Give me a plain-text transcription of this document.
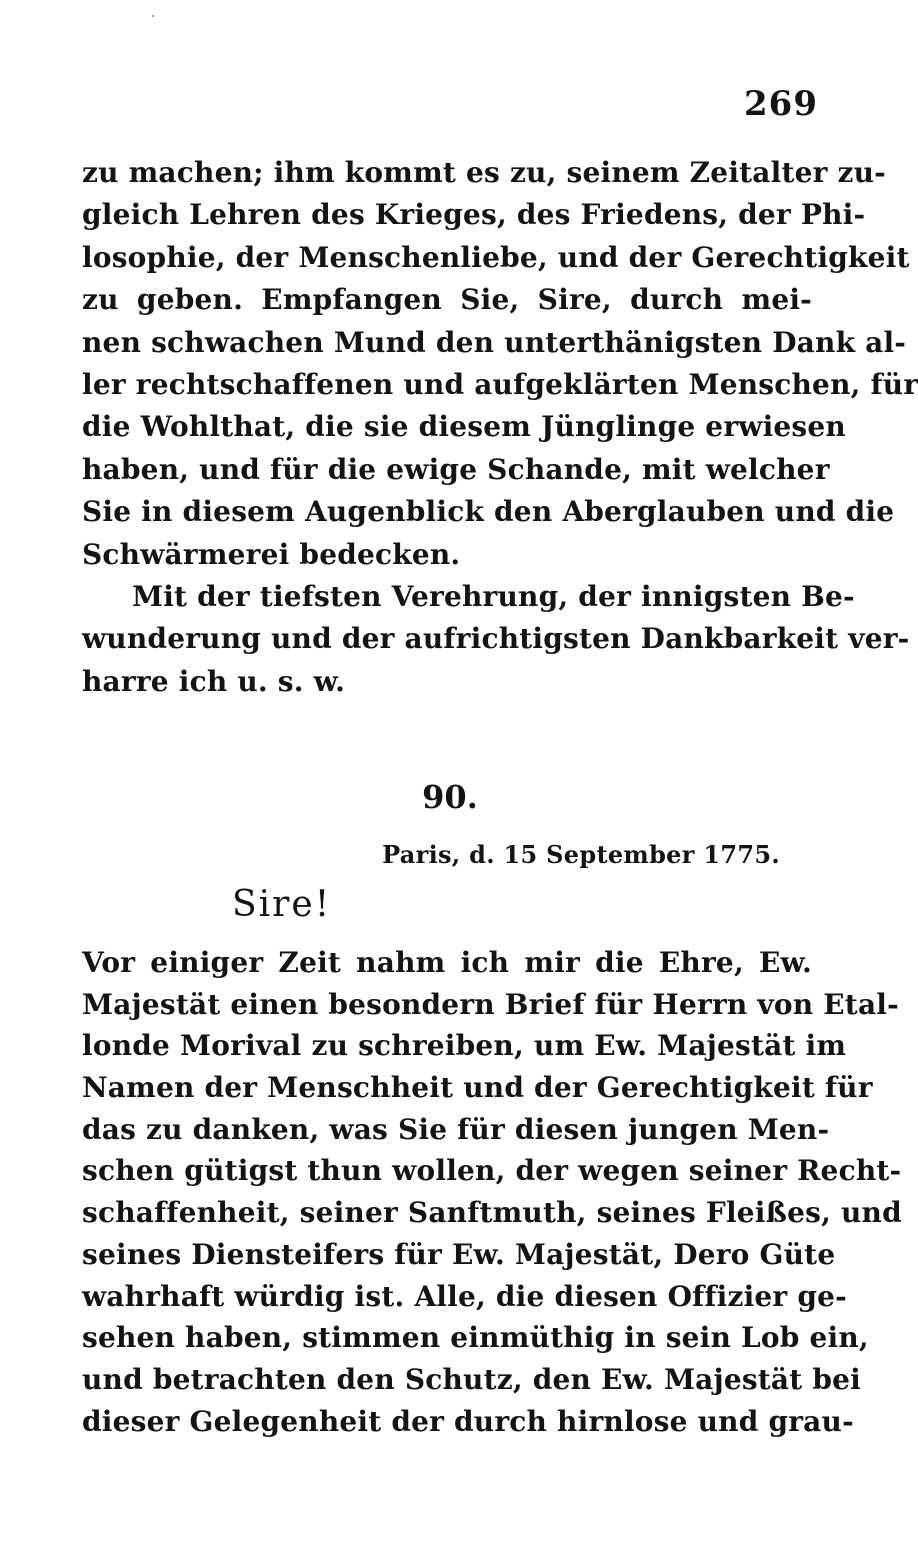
269
zu machen; ihm kommt es zu, seinem Zeitalter zu-
gleich Lehren des Krieges, des Friedens, der Phi-
losophie, der Menschenliebe, und der Gerechtigkeit
zu geben. Empfangen Sie, Sire, durch mei-
nen schwachen Mund den unterthänigsten Dank al-
ler rechtschaffenen und aufgeklärten Menschen, für
die Wohlthat, die sie diesem Jünglinge erwiesen
haben, und für die ewige Schande, mit welcher
Sie in diesem Augenblick den Aberglauben und die
Schwärmerei bedecken.
Mit der tiefsten Verehrung, der innigsten Be-
wunderung und der aufrichtigsten Dankbarkeit ver-
harre ich u. s. w.
90.
Paris, d. 15 September 1775.
Sire!
Vor einiger Zeit nahm ich mir die Ehre, Ew.
Majestät einen besondern Brief für Herrn von Etal-
londe Morival zu schreiben, um Ew. Majestät im
Namen der Menschheit und der Gerechtigkeit für
das zu danken, was Sie für diesen jungen Men-
schen gütigst thun wollen, der wegen seiner Recht-
schaffenheit, seiner Sanftmuth, seines Fleißes, und
seines Diensteifers für Ew. Majestät, Dero Güte
wahrhaft würdig ist. Alle, die diesen Offizier ge-
sehen haben, stimmen einmüthig in sein Lob ein,
und betrachten den Schutz, den Ew. Majestät bei
dieser Gelegenheit der durch hirnlose und grau-
